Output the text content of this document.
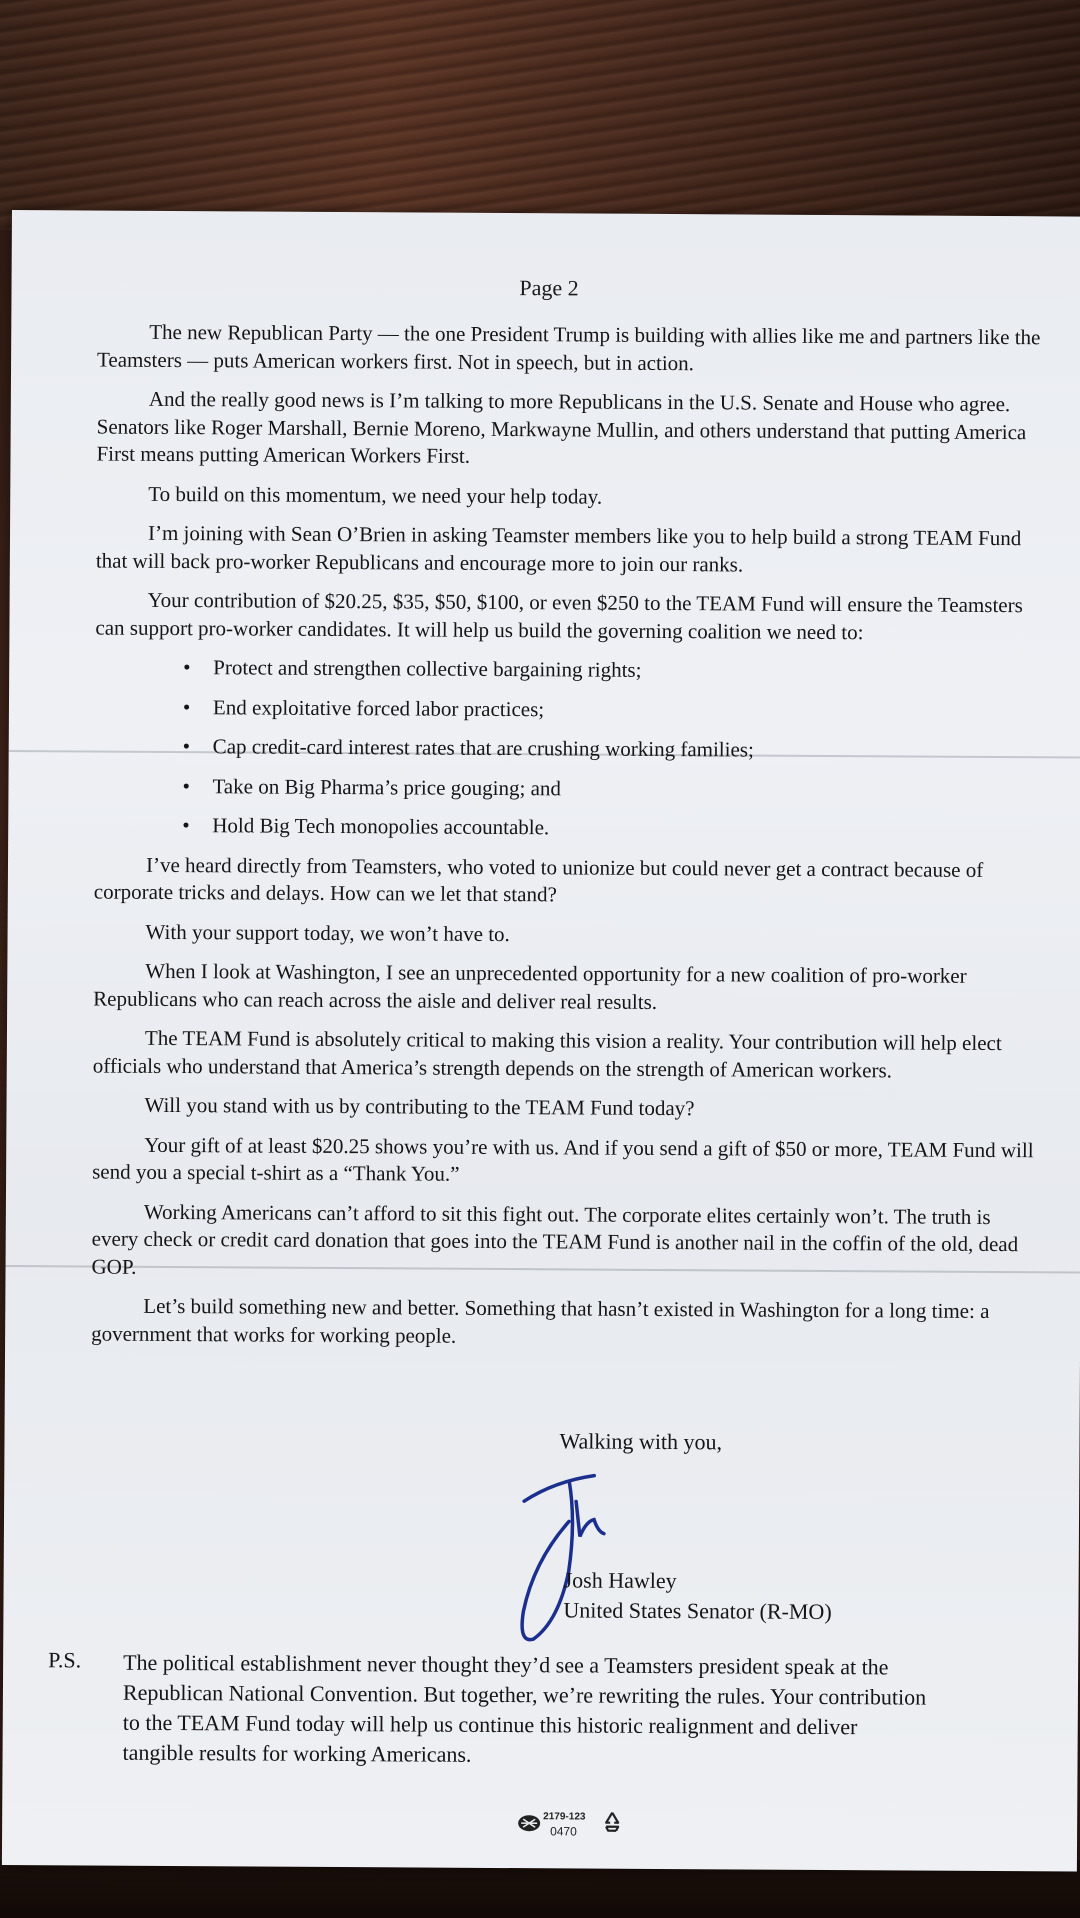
Page 2

The new Republican Party — the one President Trump is building with allies like me and partners like the Teamsters — puts American workers first. Not in speech, but in action.

And the really good news is I’m talking to more Republicans in the U.S. Senate and House who agree. Senators like Roger Marshall, Bernie Moreno, Markwayne Mullin, and others understand that putting America First means putting American Workers First.

To build on this momentum, we need your help today.

I’m joining with Sean O’Brien in asking Teamster members like you to help build a strong TEAM Fund that will back pro-worker Republicans and encourage more to join our ranks.

Your contribution of $20.25, $35, $50, $100, or even $250 to the TEAM Fund will ensure the Teamsters can support pro-worker candidates. It will help us build the governing coalition we need to:

• Protect and strengthen collective bargaining rights;
• End exploitative forced labor practices;
• Cap credit-card interest rates that are crushing working families;
• Take on Big Pharma’s price gouging; and
• Hold Big Tech monopolies accountable.

I’ve heard directly from Teamsters, who voted to unionize but could never get a contract because of corporate tricks and delays. How can we let that stand?

With your support today, we won’t have to.

When I look at Washington, I see an unprecedented opportunity for a new coalition of pro-worker Republicans who can reach across the aisle and deliver real results.

The TEAM Fund is absolutely critical to making this vision a reality. Your contribution will help elect officials who understand that America’s strength depends on the strength of American workers.

Will you stand with us by contributing to the TEAM Fund today?

Your gift of at least $20.25 shows you’re with us. And if you send a gift of $50 or more, TEAM Fund will send you a special t-shirt as a “Thank You.”

Working Americans can’t afford to sit this fight out. The corporate elites certainly won’t. The truth is every check or credit card donation that goes into the TEAM Fund is another nail in the coffin of the old, dead GOP.

Let’s build something new and better. Something that hasn’t existed in Washington for a long time: a government that works for working people.

Walking with you,
Josh Hawley
United States Senator (R-MO)
P.S. The political establishment never thought they’d see a Teamsters president speak at the
Republican National Convention. But together, we’re rewriting the rules. Your contribution
to the TEAM Fund today will help us continue this historic realignment and deliver
tangible results for working Americans.
2179-123
0470
